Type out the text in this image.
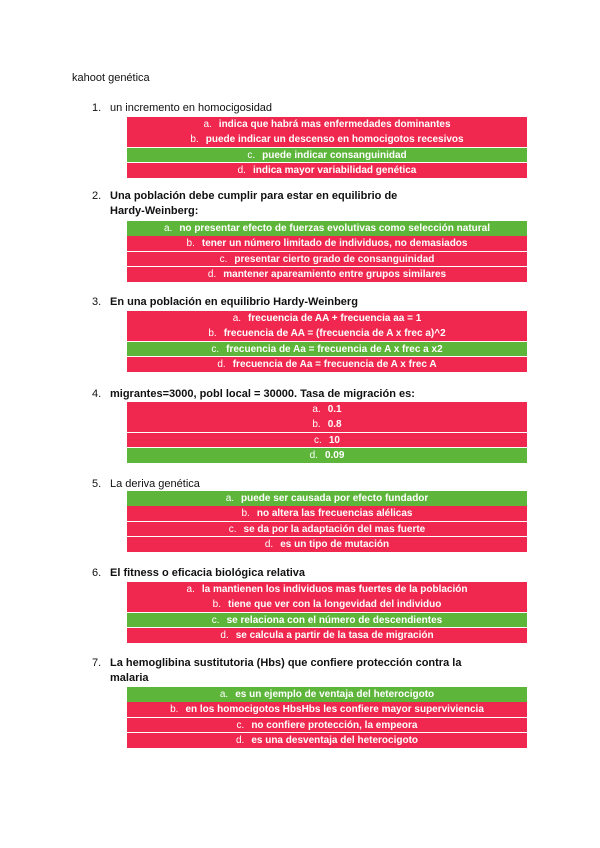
kahoot genética
1. un incremento en homocigosidad
a. indica que habrá mas enfermedades dominantes
b. puede indicar un descenso en homocigotos recesivos
c. puede indicar consanguinidad
d. indica mayor variabilidad genética
2. Una población debe cumplir para estar en equilibrio de
Hardy-Weinberg:
a. no presentar efecto de fuerzas evolutivas como selección natural
b. tener un número limitado de individuos, no demasiados
c. presentar cierto grado de consanguinidad
d. mantener apareamiento entre grupos similares
3. En una población en equilibrio Hardy-Weinberg
a. frecuencia de AA + frecuencia aa = 1
b. frecuencia de AA = (frecuencia de A x frec a)^2
c. frecuencia de Aa = frecuencia de A x frec a x2
d. frecuencia de Aa = frecuencia de A x frec A
4. migrantes=3000, pobl local = 30000. Tasa de migración es:
a. 0.1
b. 0.8
c. 10
d. 0.09
5. La deriva genética
a. puede ser causada por efecto fundador
b. no altera las frecuencias alélicas
c. se da por la adaptación del mas fuerte
d. es un tipo de mutación
6. El fitness o eficacia biológica relativa
a. la mantienen los individuos mas fuertes de la población
b. tiene que ver con la longevidad del individuo
c. se relaciona con el número de descendientes
d. se calcula a partir de la tasa de migración
7. La hemoglibina sustitutoria (Hbs) que confiere protección contra la
malaria
a. es un ejemplo de ventaja del heterocigoto
b. en los homocigotos HbsHbs les confiere mayor superviviencia
c. no confiere protección, la empeora
d. es una desventaja del heterocigoto
